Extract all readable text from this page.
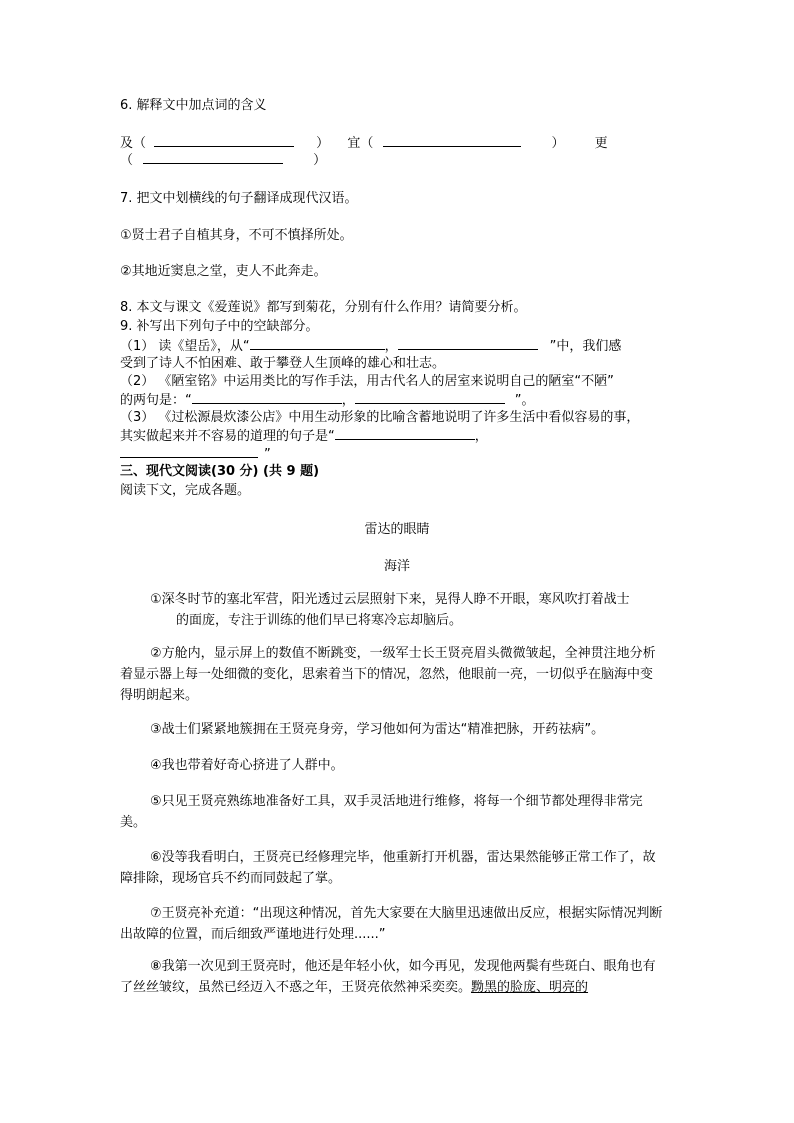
6. 解释文中加点词的含义
及（	） 宜（	） 更
（	）
7. 把文中划横线的句子翻译成现代汉语。
①贤士君子自植其身，不可不慎择所处。
②其地近窦息之堂，吏人不此奔走。
8. 本文与课文《爱莲说》都写到菊花，分别有什么作用？请简要分析。
9. 补写出下列句子中的空缺部分。
（1） 读《望岳》，从“	，	”中，我们感
受到了诗人不怕困难、敢于攀登人生顶峰的雄心和壮志。
（2） 《陋室铭》中运用类比的写作手法，用古代名人的居室来说明自己的陋室“不陋”
的两句是：“	，	”。
（3） 《过松源晨炊漆公店》中用生动形象的比喻含蓄地说明了许多生活中看似容易的事，
其实做起来并不容易的道理的句子是“	，
”
三、现代文阅读(30 分) (共 9 题)
阅读下文，完成各题。
雷达的眼睛
海洋
①深冬时节的塞北军营，阳光透过云层照射下来，晃得人睁不开眼，寒风吹打着战士
的面庞，专注于训练的他们早已将寒冷忘却脑后。
②方舱内，显示屏上的数值不断跳变，一级军士长王贤亮眉头微微皱起，全神贯注地分析着显示器上每一处细微的变化，思索着当下的情况，忽然，他眼前一亮，一切似乎在脑海中变得明朗起来。
③战士们紧紧地簇拥在王贤亮身旁，学习他如何为雷达“精准把脉，开药祛病”。
④我也带着好奇心挤进了人群中。
⑤只见王贤亮熟练地准备好工具，双手灵活地进行维修，将每一个细节都处理得非常完美。
⑥没等我看明白，王贤亮已经修理完毕，他重新打开机器，雷达果然能够正常工作了，故障排除，现场官兵不约而同鼓起了掌。
⑦王贤亮补充道：“出现这种情况，首先大家要在大脑里迅速做出反应，根据实际情况判断出故障的位置，而后细致严谨地进行处理......”
⑧我第一次见到王贤亮时，他还是年轻小伙，如今再见，发现他两鬓有些斑白、眼角也有了丝丝皱纹，虽然已经迈入不惑之年，王贤亮依然神采奕奕。黝黑的脸庞、明亮的
